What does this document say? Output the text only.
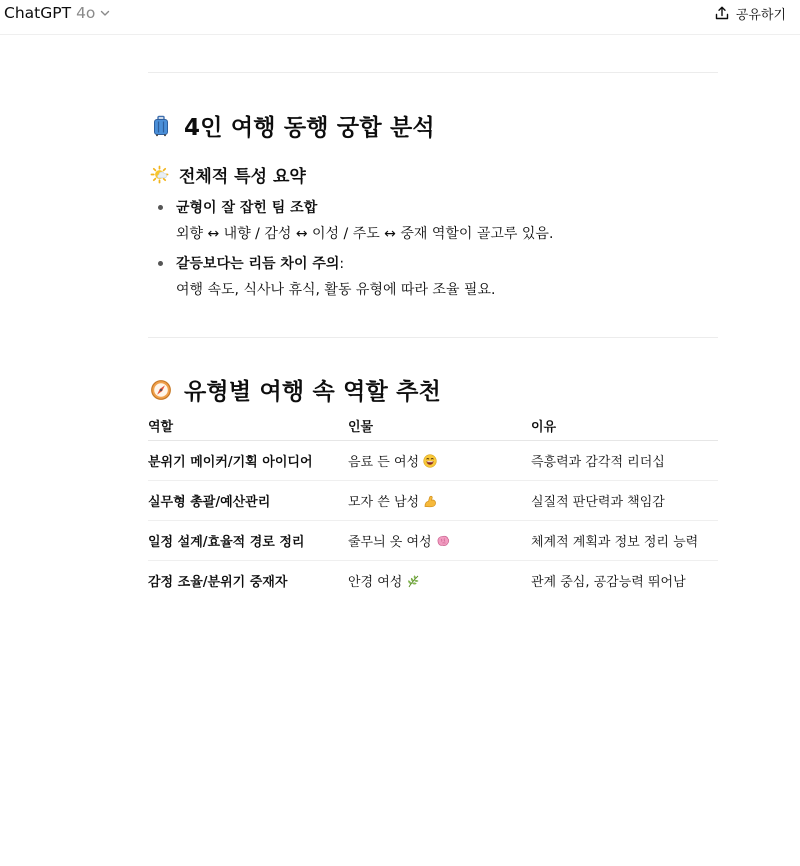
ChatGPT 4o	공유하기
4인 여행 동행 궁합 분석
전체적 특성 요약
균형이 잘 잡힌 팀 조합
외향 ↔ 내향 / 감성 ↔ 이성 / 주도 ↔ 중재 역할이 골고루 있음.
갈등보다는 리듬 차이 주의:
여행 속도, 식사나 휴식, 활동 유형에 따라 조율 필요.
유형별 여행 속 역할 추천
역할	인물	이유
분위기 메이커/기획 아이디어	음료 든 여성	즉흥력과 감각적 리더십
실무형 총괄/예산관리	모자 쓴 남성	실질적 판단력과 책임감
일정 설계/효율적 경로 정리	줄무늬 옷 여성	체계적 계획과 정보 정리 능력
감정 조율/분위기 중재자	안경 여성	관계 중심, 공감능력 뛰어남
